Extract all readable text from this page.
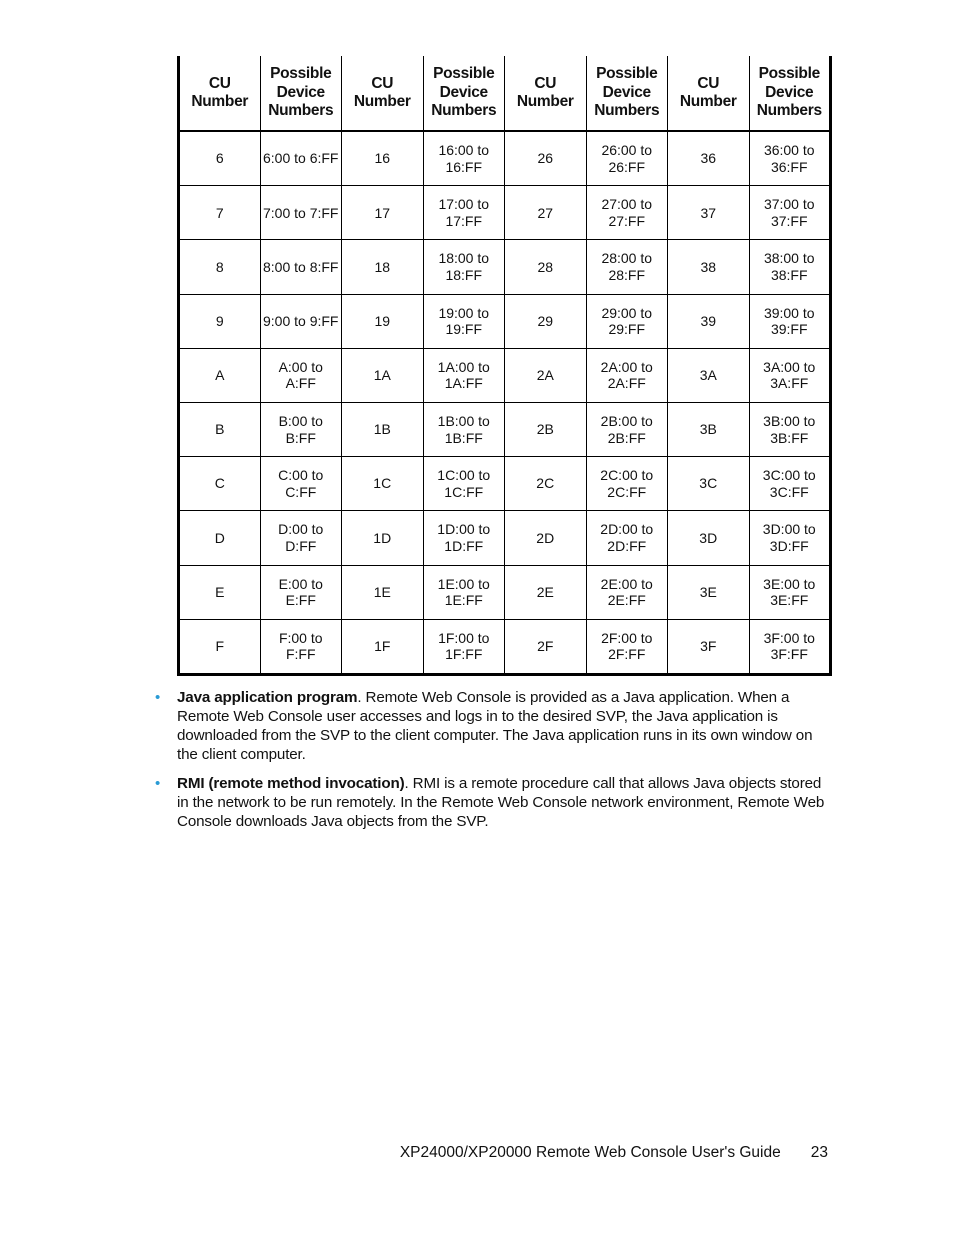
CU Number	Possible Device Numbers	CU Number	Possible Device Numbers	CU Number	Possible Device Numbers	CU Number	Possible Device Numbers
6	6:00 to 6:FF	16	16:00 to 16:FF	26	26:00 to 26:FF	36	36:00 to 36:FF
7	7:00 to 7:FF	17	17:00 to 17:FF	27	27:00 to 27:FF	37	37:00 to 37:FF
8	8:00 to 8:FF	18	18:00 to 18:FF	28	28:00 to 28:FF	38	38:00 to 38:FF
9	9:00 to 9:FF	19	19:00 to 19:FF	29	29:00 to 29:FF	39	39:00 to 39:FF
A	A:00 to A:FF	1A	1A:00 to 1A:FF	2A	2A:00 to 2A:FF	3A	3A:00 to 3A:FF
B	B:00 to B:FF	1B	1B:00 to 1B:FF	2B	2B:00 to 2B:FF	3B	3B:00 to 3B:FF
C	C:00 to C:FF	1C	1C:00 to 1C:FF	2C	2C:00 to 2C:FF	3C	3C:00 to 3C:FF
D	D:00 to D:FF	1D	1D:00 to 1D:FF	2D	2D:00 to 2D:FF	3D	3D:00 to 3D:FF
E	E:00 to E:FF	1E	1E:00 to 1E:FF	2E	2E:00 to 2E:FF	3E	3E:00 to 3E:FF
F	F:00 to F:FF	1F	1F:00 to 1F:FF	2F	2F:00 to 2F:FF	3F	3F:00 to 3F:FF
• Java application program. Remote Web Console is provided as a Java application. When a Remote Web Console user accesses and logs in to the desired SVP, the Java application is downloaded from the SVP to the client computer. The Java application runs in its own window on the client computer.
• RMI (remote method invocation). RMI is a remote procedure call that allows Java objects stored in the network to be run remotely. In the Remote Web Console network environment, Remote Web Console downloads Java objects from the SVP.
XP24000/XP20000 Remote Web Console User's Guide 23
